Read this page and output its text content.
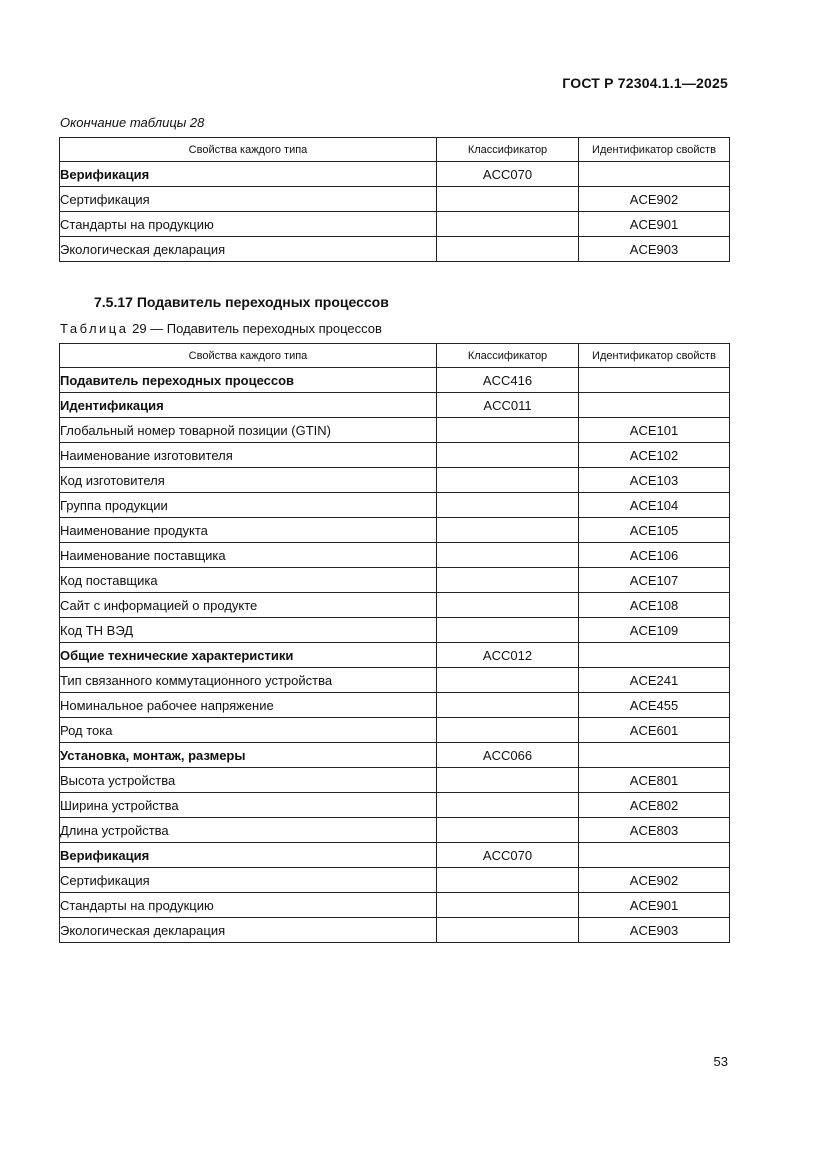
ГОСТ Р 72304.1.1—2025
Окончание таблицы 28
Свойства каждого типа	Классификатор	Идентификатор свойств
Верификация	ACC070	
Сертификация		ACE902
Стандарты на продукцию		ACE901
Экологическая декларация		ACE903
7.5.17 Подавитель переходных процессов
Таблица 29 — Подавитель переходных процессов
Свойства каждого типа	Классификатор	Идентификатор свойств
Подавитель переходных процессов	ACC416	
Идентификация	ACC011	
Глобальный номер товарной позиции (GTIN)		ACE101
Наименование изготовителя		ACE102
Код изготовителя		ACE103
Группа продукции		ACE104
Наименование продукта		ACE105
Наименование поставщика		ACE106
Код поставщика		ACE107
Сайт с информацией о продукте		ACE108
Код ТН ВЭД		ACE109
Общие технические характеристики	ACC012	
Тип связанного коммутационного устройства		ACE241
Номинальное рабочее напряжение		ACE455
Род тока		ACE601
Установка, монтаж, размеры	ACC066	
Высота устройства		ACE801
Ширина устройства		ACE802
Длина устройства		ACE803
Верификация	ACC070	
Сертификация		ACE902
Стандарты на продукцию		ACE901
Экологическая декларация		ACE903
53
